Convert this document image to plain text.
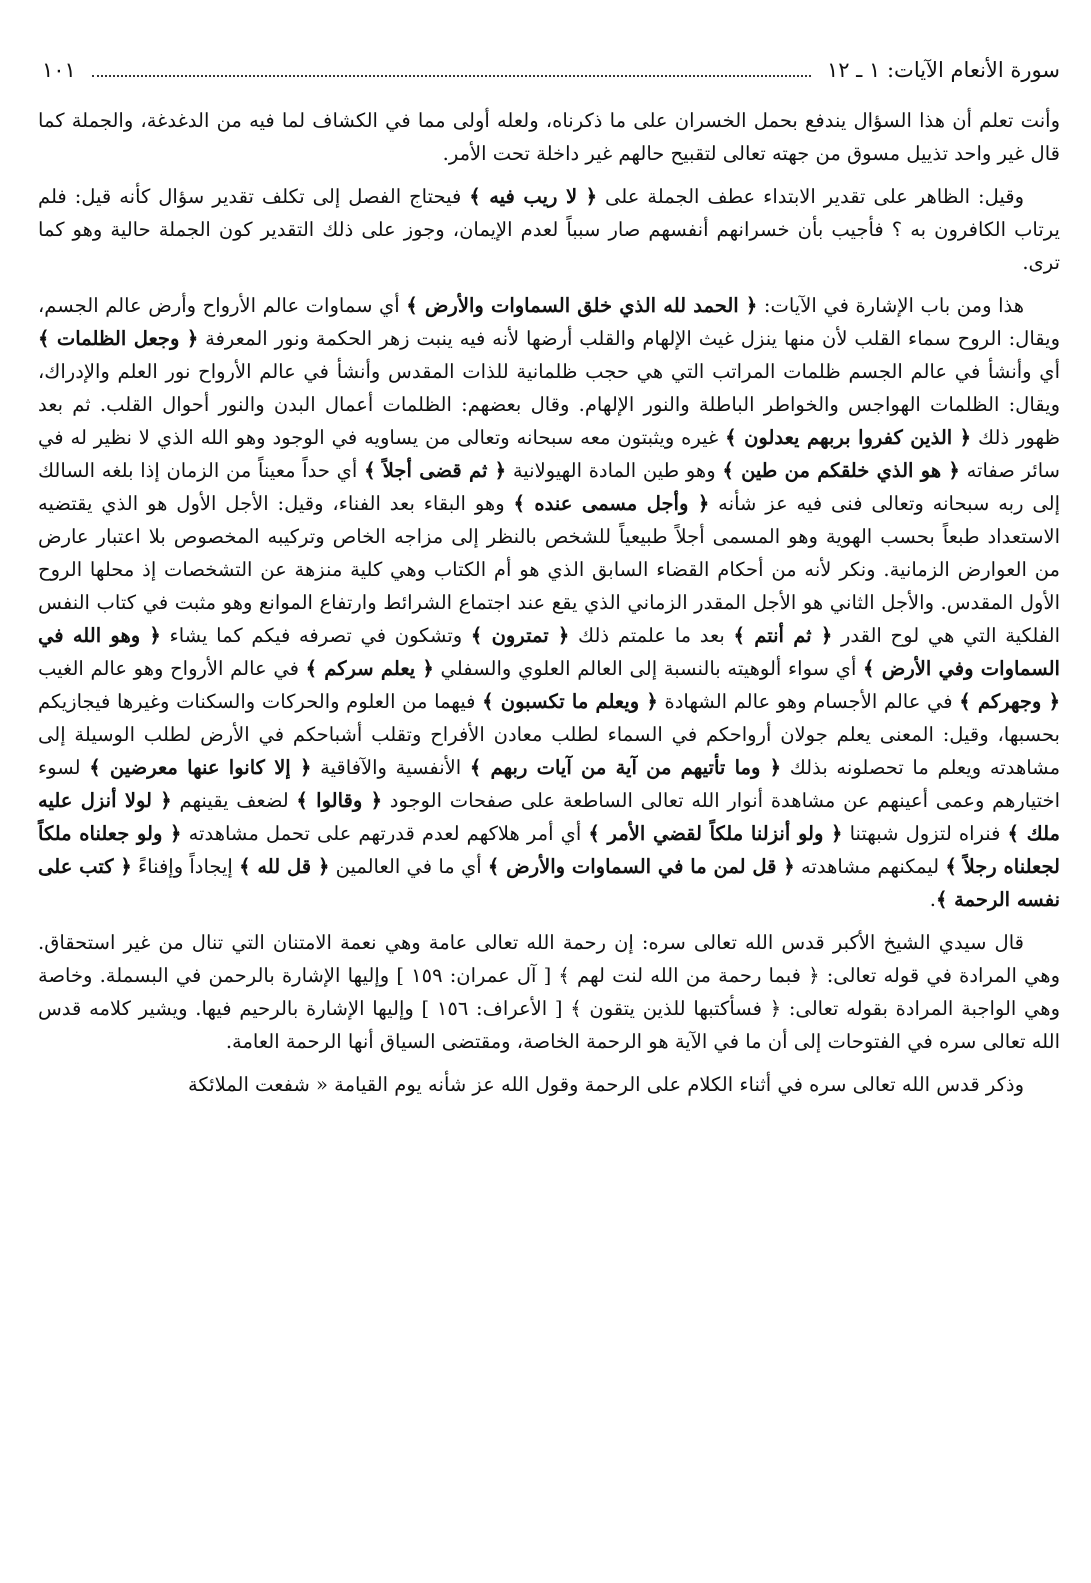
سورة الأنعام الآيات: ١ ـ ١٢
١٠١

وأنت تعلم أن هذا السؤال يندفع بحمل الخسران على ما ذكرناه، ولعله أولى مما في الكشاف لما فيه من الدغدغة، والجملة كما قال غير واحد تذييل مسوق من جهته تعالى لتقبيح حالهم غير داخلة تحت الأمر.

وقيل: الظاهر على تقدير الابتداء عطف الجملة على ﴿ لا ريب فيه ﴾ فيحتاج الفصل إلى تكلف تقدير سؤال كأنه قيل: فلم يرتاب الكافرون به ؟ فأجيب بأن خسرانهم أنفسهم صار سبباً لعدم الإيمان، وجوز على ذلك التقدير كون الجملة حالية وهو كما ترى.

هذا ومن باب الإشارة في الآيات: ﴿ الحمد لله الذي خلق السماوات والأرض ﴾ أي سماوات عالم الأرواح وأرض عالم الجسم، ويقال: الروح سماء القلب لأن منها ينزل غيث الإلهام والقلب أرضها لأنه فيه ينبت زهر الحكمة ونور المعرفة ﴿ وجعل الظلمات ﴾ أي وأنشأ في عالم الجسم ظلمات المراتب التي هي حجب ظلمانية للذات المقدس وأنشأ في عالم الأرواح نور العلم والإدراك، ويقال: الظلمات الهواجس والخواطر الباطلة والنور الإلهام. وقال بعضهم: الظلمات أعمال البدن والنور أحوال القلب. ثم بعد ظهور ذلك ﴿ الذين كفروا بربهم يعدلون ﴾ غيره ويثبتون معه سبحانه وتعالى من يساويه في الوجود وهو الله الذي لا نظير له في سائر صفاته ﴿ هو الذي خلقكم من طين ﴾ وهو طين المادة الهيولانية ﴿ ثم قضى أجلاً ﴾ أي حداً معيناً من الزمان إذا بلغه السالك إلى ربه سبحانه وتعالى فنى فيه عز شأنه ﴿ وأجل مسمى عنده ﴾ وهو البقاء بعد الفناء، وقيل: الأجل الأول هو الذي يقتضيه الاستعداد طبعاً بحسب الهوية وهو المسمى أجلاً طبيعياً للشخص بالنظر إلى مزاجه الخاص وتركيبه المخصوص بلا اعتبار عارض من العوارض الزمانية. ونكر لأنه من أحكام القضاء السابق الذي هو أم الكتاب وهي كلية منزهة عن التشخصات إذ محلها الروح الأول المقدس. والأجل الثاني هو الأجل المقدر الزماني الذي يقع عند اجتماع الشرائط وارتفاع الموانع وهو مثبت في كتاب النفس الفلكية التي هي لوح القدر ﴿ ثم أنتم ﴾ بعد ما علمتم ذلك ﴿ تمترون ﴾ وتشكون في تصرفه فيكم كما يشاء ﴿ وهو الله في السماوات وفي الأرض ﴾ أي سواء ألوهيته بالنسبة إلى العالم العلوي والسفلي ﴿ يعلم سركم ﴾ في عالم الأرواح وهو عالم الغيب ﴿ وجهركم ﴾ في عالم الأجسام وهو عالم الشهادة ﴿ ويعلم ما تكسبون ﴾ فيهما من العلوم والحركات والسكنات وغيرها فيجازيكم بحسبها، وقيل: المعنى يعلم جولان أرواحكم في السماء لطلب معادن الأفراح وتقلب أشباحكم في الأرض لطلب الوسيلة إلى مشاهدته ويعلم ما تحصلونه بذلك ﴿ وما تأتيهم من آية من آيات ربهم ﴾ الأنفسية والآفاقية ﴿ إلا كانوا عنها معرضين ﴾ لسوء اختيارهم وعمى أعينهم عن مشاهدة أنوار الله تعالى الساطعة على صفحات الوجود ﴿ وقالوا ﴾ لضعف يقينهم ﴿ لولا أنزل عليه ملك ﴾ فنراه لتزول شبهتنا ﴿ ولو أنزلنا ملكاً لقضي الأمر ﴾ أي أمر هلاكهم لعدم قدرتهم على تحمل مشاهدته ﴿ ولو جعلناه ملكاً لجعلناه رجلاً ﴾ ليمكنهم مشاهدته ﴿ قل لمن ما في السماوات والأرض ﴾ أي ما في العالمين ﴿ قل لله ﴾ إيجاداً وإفناءً ﴿ كتب على نفسه الرحمة ﴾.

قال سيدي الشيخ الأكبر قدس الله تعالى سره: إن رحمة الله تعالى عامة وهي نعمة الامتنان التي تنال من غير استحقاق. وهي المرادة في قوله تعالى: ﴿ فبما رحمة من الله لنت لهم ﴾ [ آل عمران: ١٥٩ ] وإليها الإشارة بالرحمن في البسملة. وخاصة وهي الواجبة المرادة بقوله تعالى: ﴿ فسأكتبها للذين يتقون ﴾ [ الأعراف: ١٥٦ ] وإليها الإشارة بالرحيم فيها. ويشير كلامه قدس الله تعالى سره في الفتوحات إلى أن ما في الآية هو الرحمة الخاصة، ومقتضى السياق أنها الرحمة العامة.

وذكر قدس الله تعالى سره في أثناء الكلام على الرحمة وقول الله عز شأنه يوم القيامة « شفعت الملائكة
